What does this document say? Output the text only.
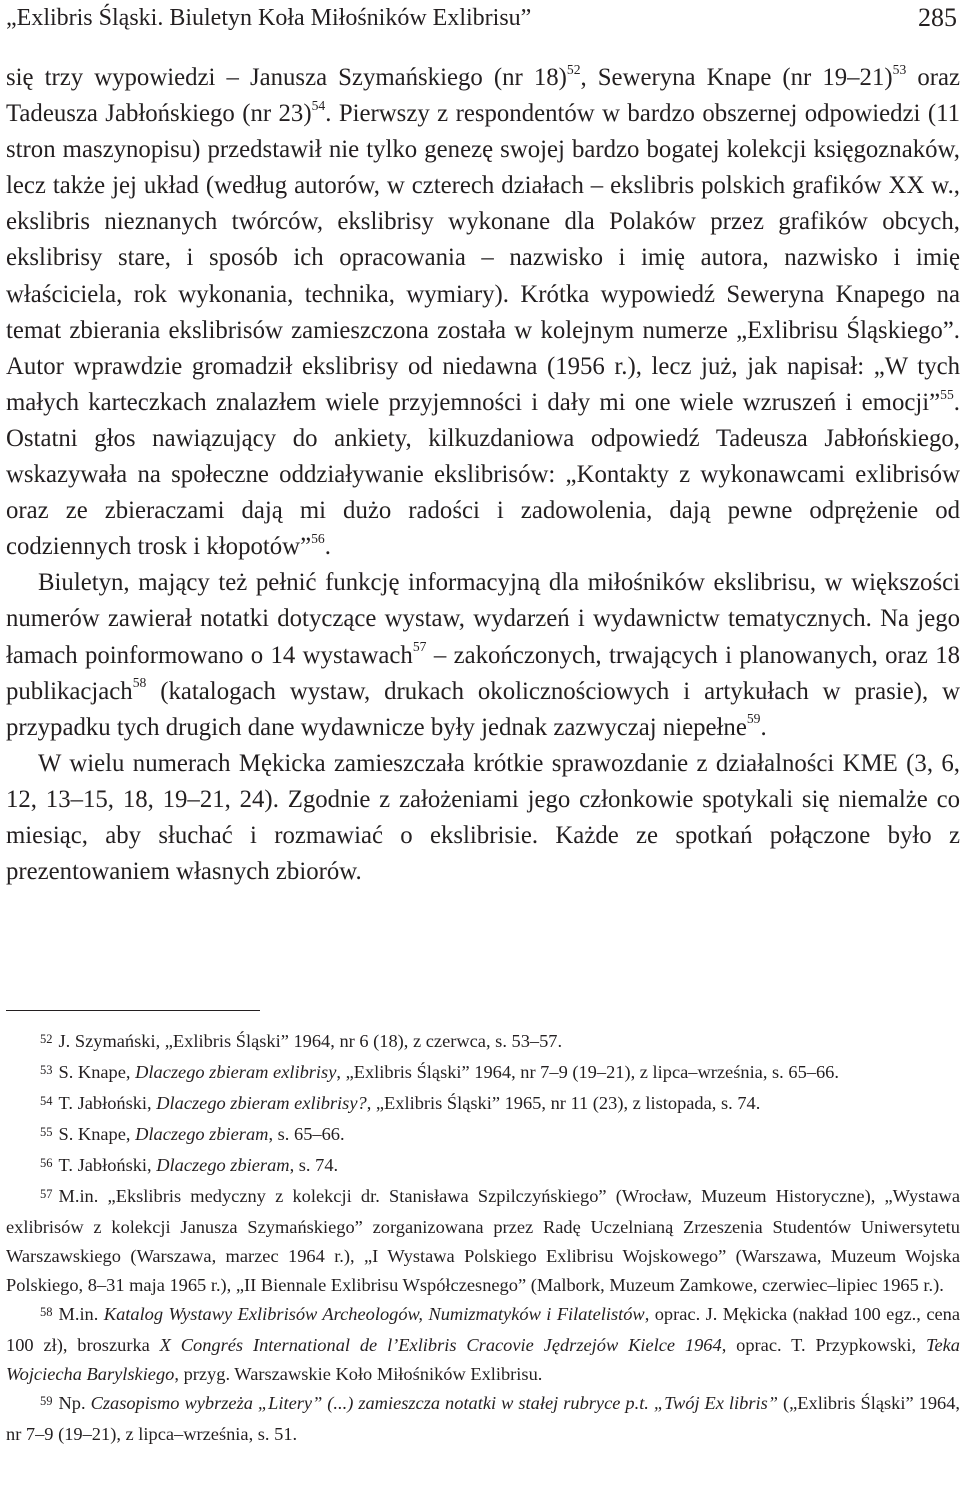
„Exlibris Śląski. Biuletyn Koła Miłośników Exlibrisu”	285

się trzy wypowiedzi – Janusza Szymańskiego (nr 18)$^{52}$, Seweryna Knape (nr 19–21)$^{53}$ oraz Tadeusza Jabłońskiego (nr 23)$^{54}$. Pierwszy z respondentów w bardzo obszernej odpowiedzi (11 stron maszynopisu) przedstawił nie tylko genezę swojej bardzo bogatej kolekcji księgoznaków, lecz także jej układ (według autorów, w czterech działach – ekslibris polskich grafików XX w., ekslibris nieznanych twórców, ekslibrisy wykonane dla Polaków przez grafików obcych, ekslibrisy stare, i sposób ich opracowania – nazwisko i imię autora, nazwisko i imię właściciela, rok wykonania, technika, wymiary). Krótka wypowiedź Seweryna Knapego na temat zbierania ekslibrisów zamieszczona została w kolejnym numerze „Exlibrisu Śląskiego”. Autor wprawdzie gromadził ekslibrisy od niedawna (1956 r.), lecz już, jak napisał: „W tych małych karteczkach znalazłem wiele przyjemności i dały mi one wiele wzruszeń i emocji”$^{55}$. Ostatni głos nawiązujący do ankiety, kilkuzdaniowa odpowiedź Tadeusza Jabłońskiego, wskazywała na społeczne oddziaływanie ekslibrisów: „Kontakty z wykonawcami exlibrisów oraz ze zbieraczami dają mi dużo radości i zadowolenia, dają pewne odprężenie od codziennych trosk i kłopotów”$^{56}$.

Biuletyn, mający też pełnić funkcję informacyjną dla miłośników ekslibrisu, w większości numerów zawierał notatki dotyczące wystaw, wydarzeń i wydawnictw tematycznych. Na jego łamach poinformowano o 14 wystawach$^{57}$ – zakończonych, trwających i planowanych, oraz 18 publikacjach$^{58}$ (katalogach wystaw, drukach okolicznościowych i artykułach w prasie), w przypadku tych drugich dane wydawnicze były jednak zazwyczaj niepełne$^{59}$.

W wielu numerach Mękicka zamieszczała krótkie sprawozdanie z działalności KME (3, 6, 12, 13–15, 18, 19–21, 24). Zgodnie z założeniami jego członkowie spotykali się niemalże co miesiąc, aby słuchać i rozmawiać o ekslibrisie. Każde ze spotkań połączone było z prezentowaniem własnych zbiorów.

$^{52}$ J. Szymański, „Exlibris Śląski” 1964, nr 6 (18), z czerwca, s. 53–57.

$^{53}$ S. Knape, Dlaczego zbieram exlibrisy, „Exlibris Śląski” 1964, nr 7–9 (19–21), z lipca–września, s. 65–66.

$^{54}$ T. Jabłoński, Dlaczego zbieram exlibrisy?, „Exlibris Śląski” 1965, nr 11 (23), z listopada, s. 74.

$^{55}$ S. Knape, Dlaczego zbieram, s. 65–66.

$^{56}$ T. Jabłoński, Dlaczego zbieram, s. 74.

$^{57}$ M.in. „Ekslibris medyczny z kolekcji dr. Stanisława Szpilczyńskiego” (Wrocław, Muzeum Historyczne), „Wystawa exlibrisów z kolekcji Janusza Szymańskiego” zorganizowana przez Radę Uczelnianą Zrzeszenia Studentów Uniwersytetu Warszawskiego (Warszawa, marzec 1964 r.), „I Wystawa Polskiego Exlibrisu Wojskowego” (Warszawa, Muzeum Wojska Polskiego, 8–31 maja 1965 r.), „II Biennale Exlibrisu Współczesnego” (Malbork, Muzeum Zamkowe, czerwiec–lipiec 1965 r.).

$^{58}$ M.in. Katalog Wystawy Exlibrisów Archeologów, Numizmatyków i Filatelistów, oprac. J. Mękicka (nakład 100 egz., cena 100 zł), broszurka X Congrés International de l’Exlibris Cracovie Jędrzejów Kielce 1964, oprac. T. Przypkowski, Teka Wojciecha Barylskiego, przyg. Warszawskie Koło Miłośników Exlibrisu.

$^{59}$ Np. Czasopismo wybrzeża „Litery” (...) zamieszcza notatki w stałej rubryce p.t. „Twój Ex libris” („Exlibris Śląski” 1964, nr 7–9 (19–21), z lipca–września, s. 51.
